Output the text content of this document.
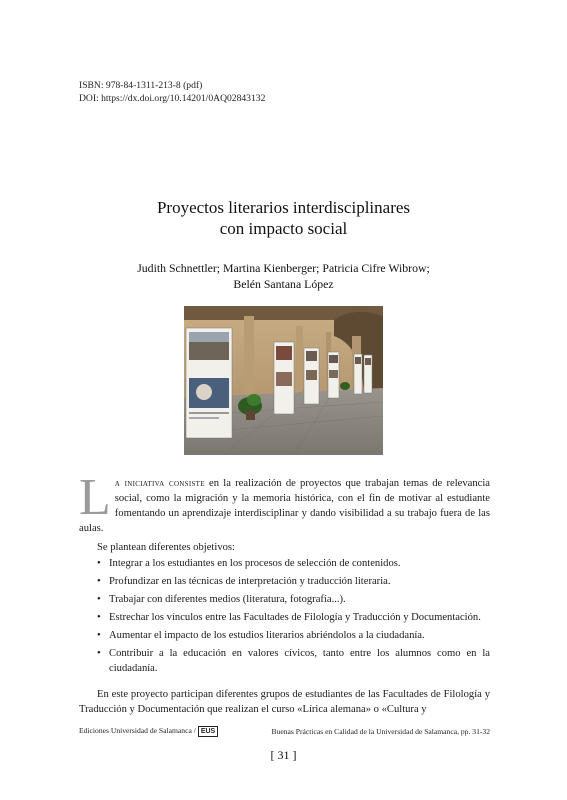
ISBN: 978-84-1311-213-8 (pdf)
DOI: https://dx.doi.org/10.14201/0AQ02843132
Proyectos literarios interdisciplinares
con impacto social
Judith Schnettler; Martina Kienberger; Patricia Cifre Wibrow;
Belén Santana López

La iniciativa consiste en la realización de proyectos que trabajan temas de relevancia social, como la migración y la memoria histórica, con el fin de motivar al estudiante fomentando un aprendizaje interdisciplinar y dando visibilidad a su trabajo fuera de las aulas.

Se plantean diferentes objetivos:
• Integrar a los estudiantes en los procesos de selección de contenidos.
• Profundizar en las técnicas de interpretación y traducción literaria.
• Trabajar con diferentes medios (literatura, fotografía...).
• Estrechar los vínculos entre las Facultades de Filología y Traducción y Documentación.
• Aumentar el impacto de los estudios literarios abriéndolos a la ciudadanía.
• Contribuir a la educación en valores cívicos, tanto entre los alumnos como en la ciudadanía.

En este proyecto participan diferentes grupos de estudiantes de las Facultades de Filología y Traducción y Documentación que realizan el curso «Lírica alemana» o «Cultura y

Ediciones Universidad de Salamanca / EUS	Buenas Prácticas en Calidad de la Universidad de Salamanca, pp. 31-32
[ 31 ]
